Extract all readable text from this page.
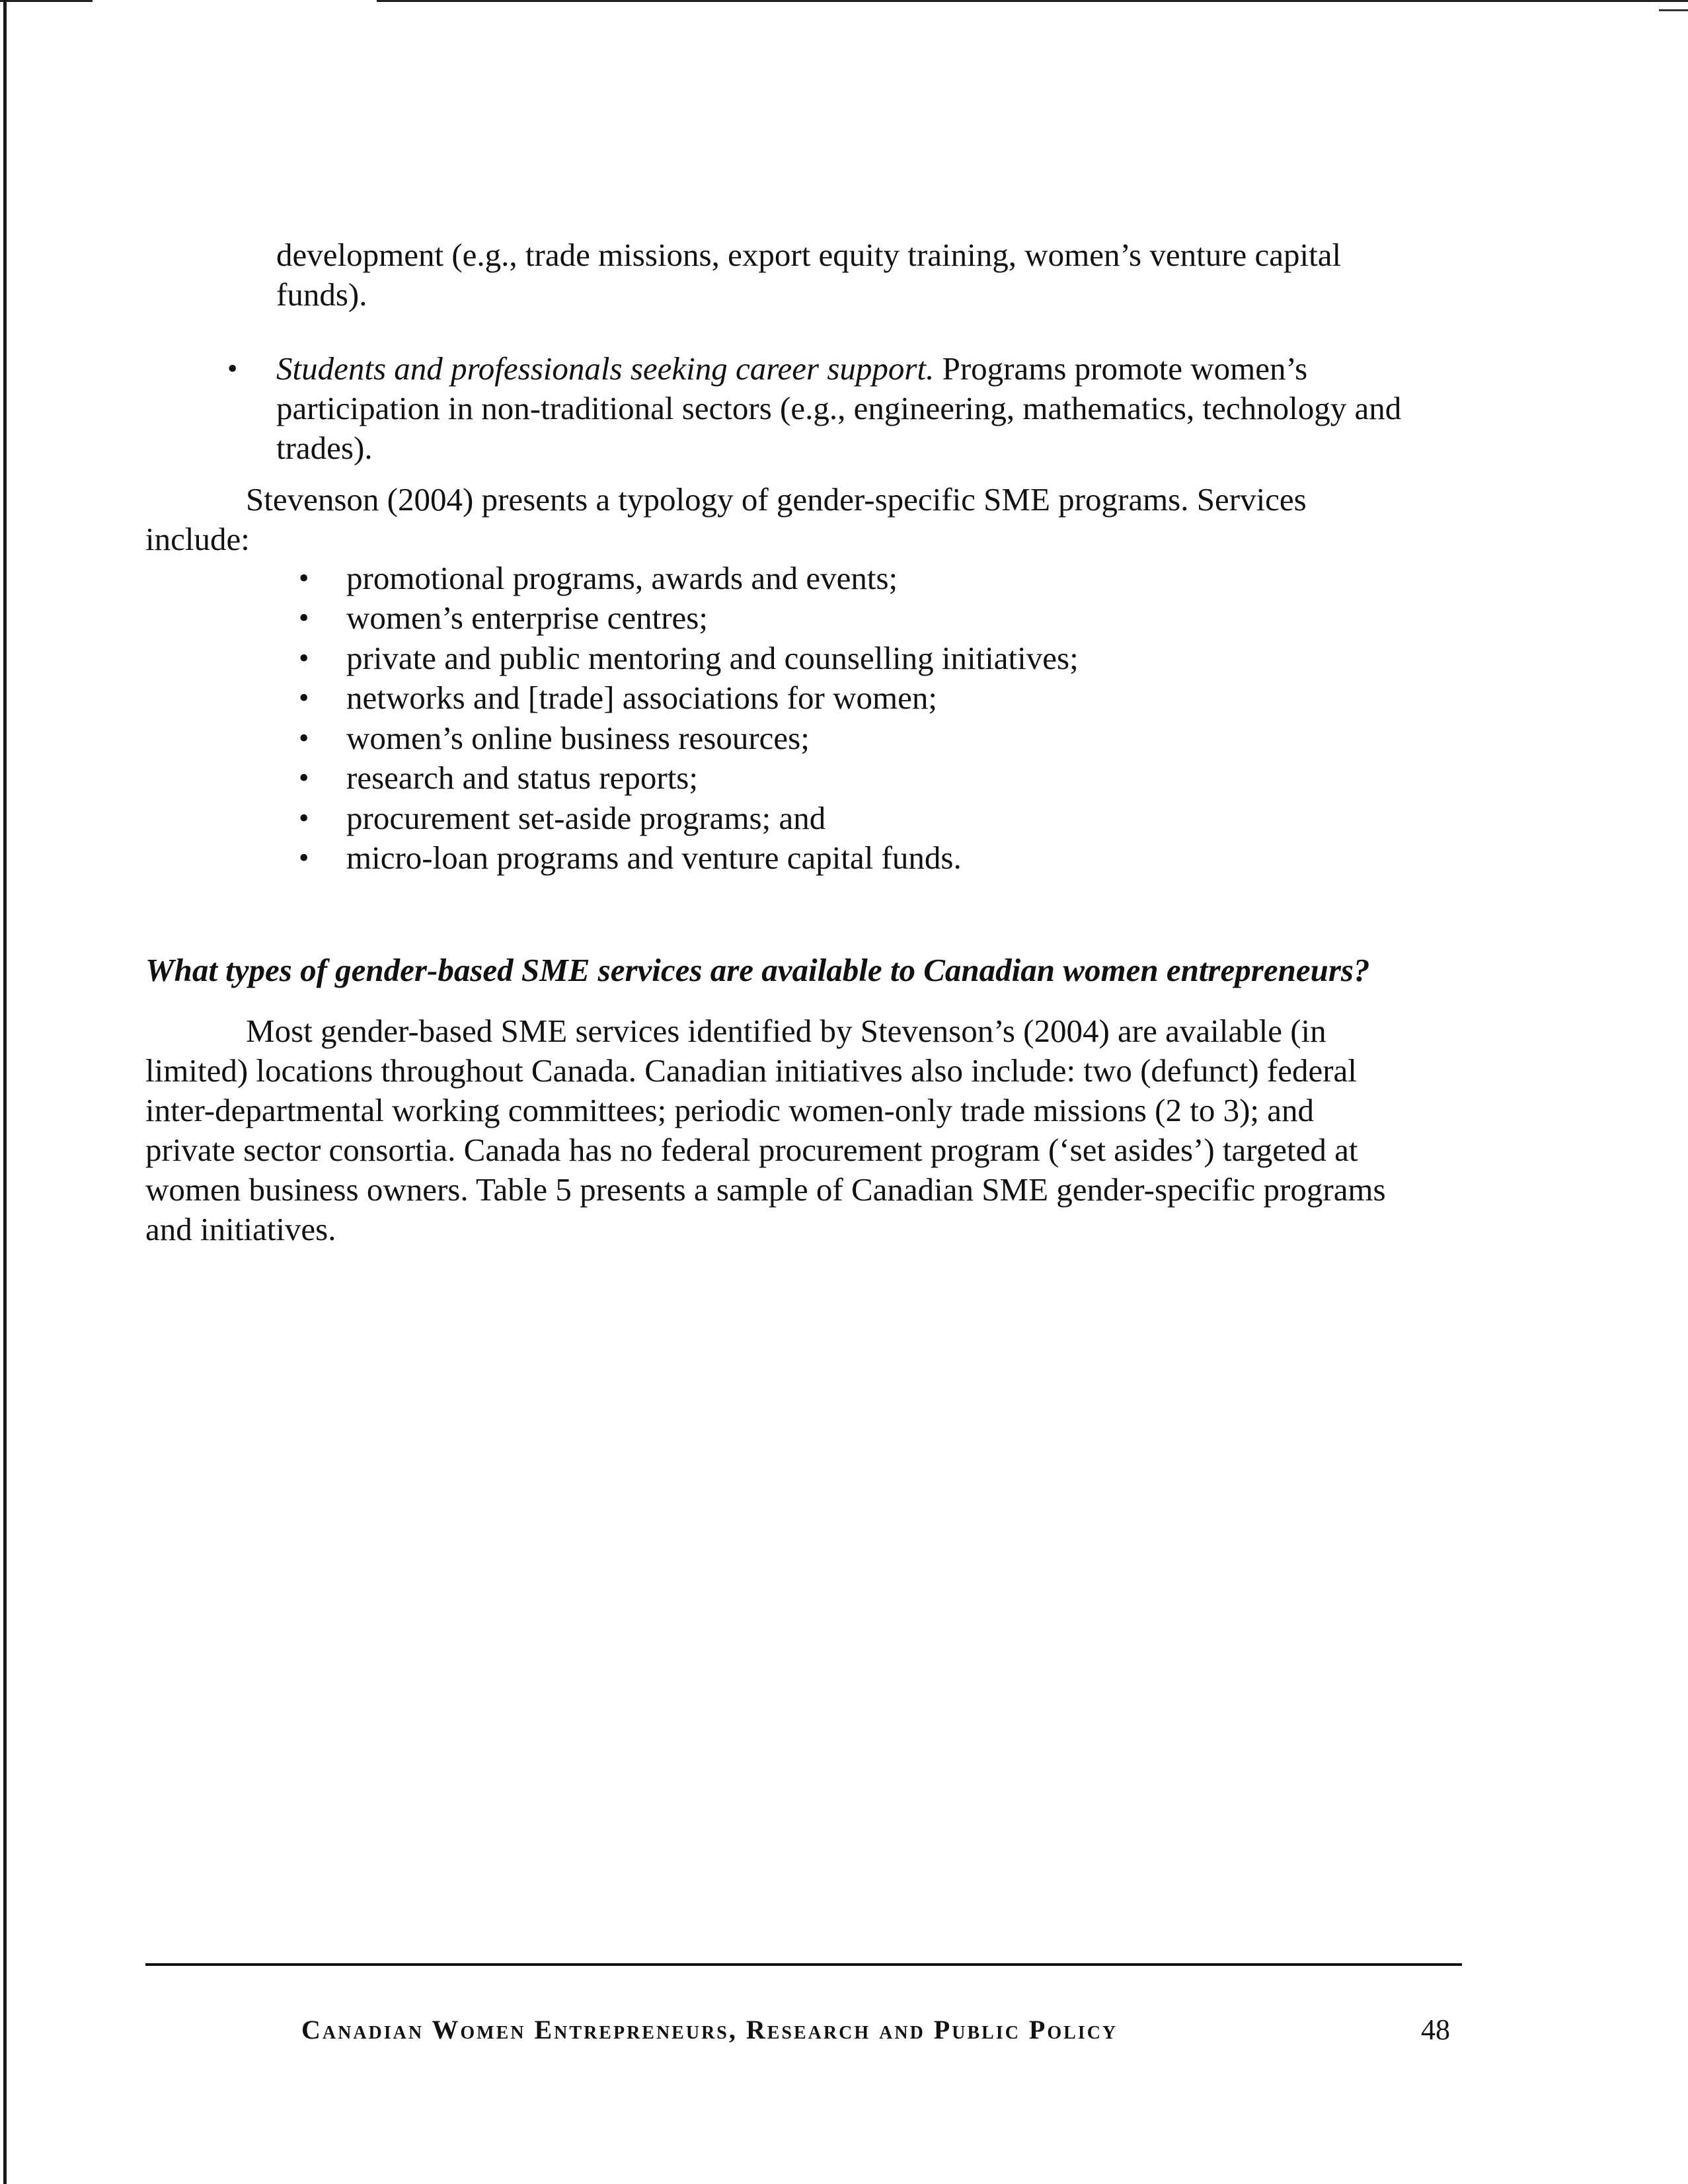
development (e.g., trade missions, export equity training, women’s venture capital
funds).
• Students and professionals seeking career support. Programs promote women’s
participation in non-traditional sectors (e.g., engineering, mathematics, technology and
trades).
Stevenson (2004) presents a typology of gender-specific SME programs. Services
include:
• promotional programs, awards and events;
• women’s enterprise centres;
• private and public mentoring and counselling initiatives;
• networks and [trade] associations for women;
• women’s online business resources;
• research and status reports;
• procurement set-aside programs; and
• micro-loan programs and venture capital funds.
What types of gender-based SME services are available to Canadian women entrepreneurs?
Most gender-based SME services identified by Stevenson’s (2004) are available (in
limited) locations throughout Canada. Canadian initiatives also include: two (defunct) federal
inter-departmental working committees; periodic women-only trade missions (2 to 3); and
private sector consortia. Canada has no federal procurement program (‘set asides’) targeted at
women business owners. Table 5 presents a sample of Canadian SME gender-specific programs
and initiatives.
Canadian Women Entrepreneurs, Research and Public Policy	48
